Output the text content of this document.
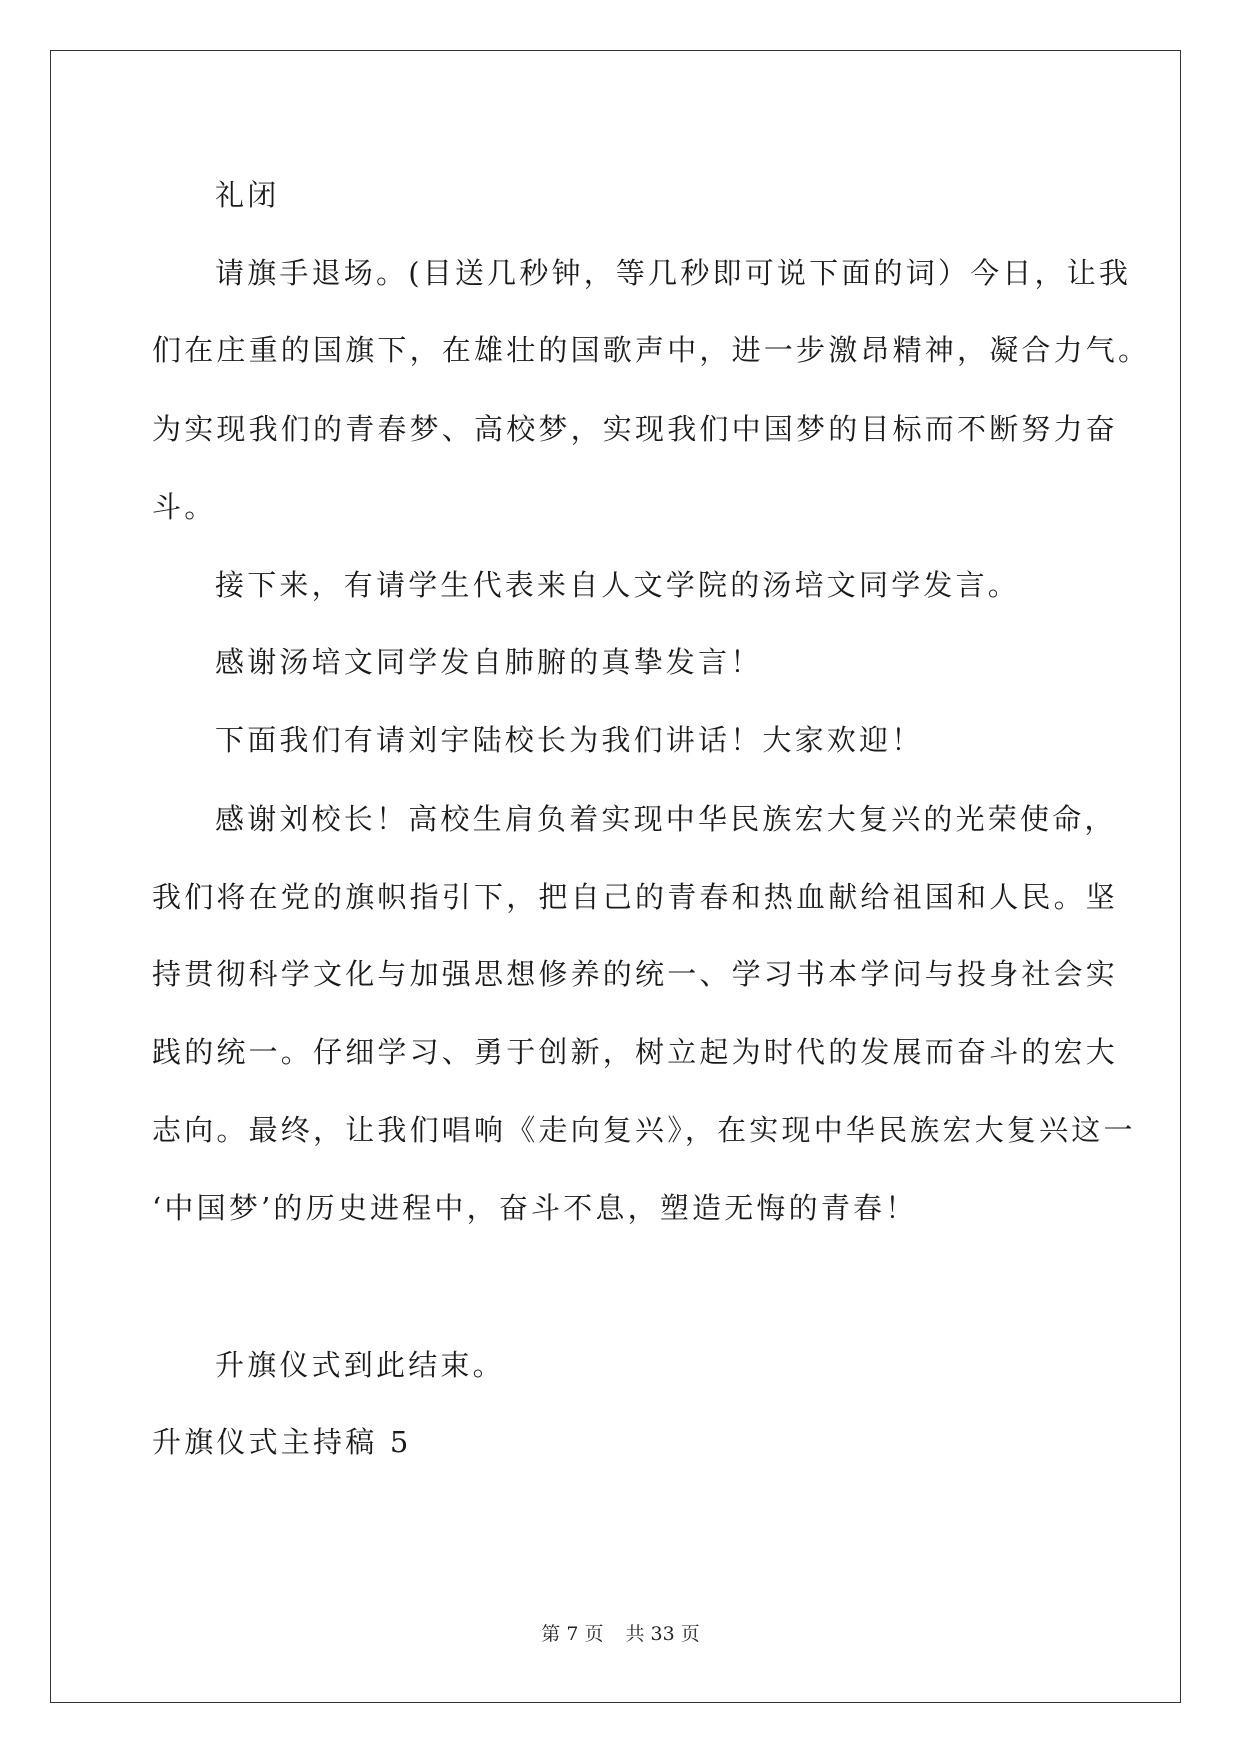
礼闭
请旗手退场。(目送几秒钟，等几秒即可说下面的词）今日，让我
们在庄重的国旗下，在雄壮的国歌声中，进一步激昂精神，凝合力气。
为实现我们的青春梦、高校梦，实现我们中国梦的目标而不断努力奋
斗。
接下来，有请学生代表来自人文学院的汤培文同学发言。
感谢汤培文同学发自肺腑的真挚发言！
下面我们有请刘宇陆校长为我们讲话！大家欢迎！
感谢刘校长！高校生肩负着实现中华民族宏大复兴的光荣使命，
我们将在党的旗帜指引下，把自己的青春和热血献给祖国和人民。坚
持贯彻科学文化与加强思想修养的统一、学习书本学问与投身社会实
践的统一。仔细学习、勇于创新，树立起为时代的发展而奋斗的宏大
志向。最终，让我们唱响《走向复兴》，在实现中华民族宏大复兴这一
‘中国梦’的历史进程中，奋斗不息，塑造无悔的青春！
升旗仪式到此结束。
升旗仪式主持稿 5
第 7 页 共 33 页
